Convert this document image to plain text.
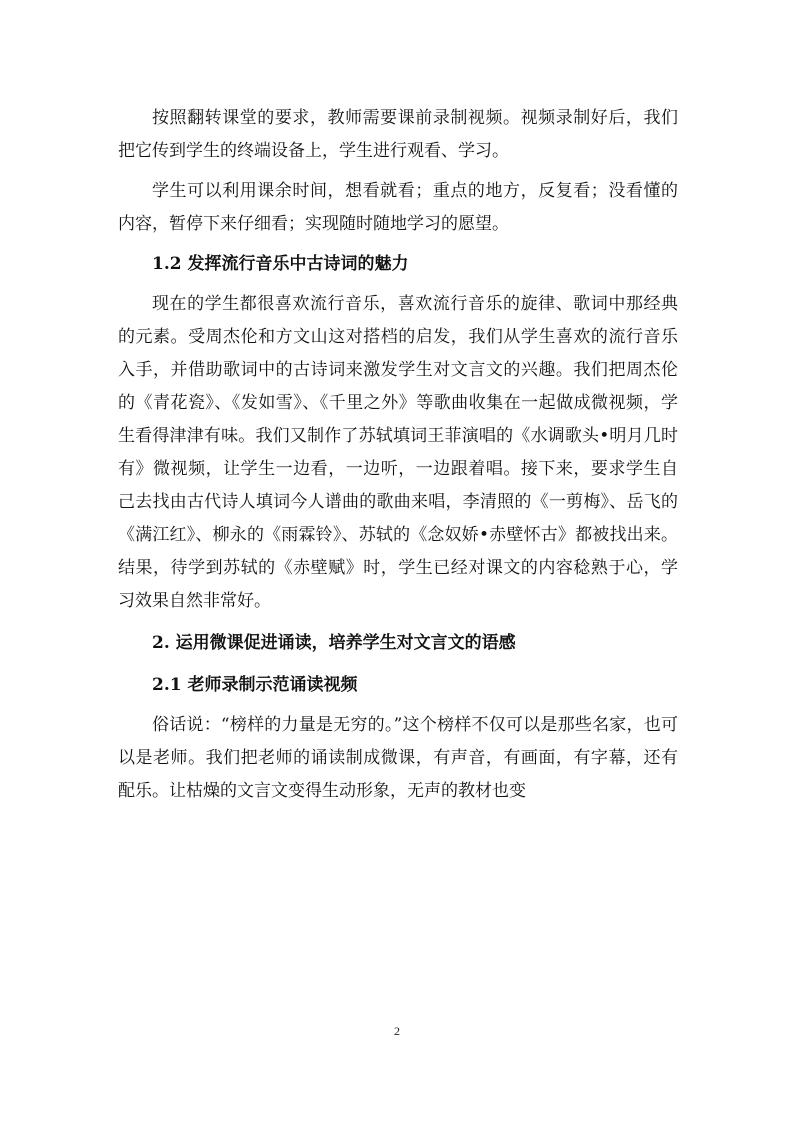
按照翻转课堂的要求，教师需要课前录制视频。视频录制好后，我们把它传到学生的终端设备上，学生进行观看、学习。

学生可以利用课余时间，想看就看；重点的地方，反复看；没看懂的内容，暂停下来仔细看；实现随时随地学习的愿望。

1.2 发挥流行音乐中古诗词的魅力

现在的学生都很喜欢流行音乐，喜欢流行音乐的旋律、歌词中那经典的元素。受周杰伦和方文山这对搭档的启发，我们从学生喜欢的流行音乐入手，并借助歌词中的古诗词来激发学生对文言文的兴趣。我们把周杰伦的《青花瓷》、《发如雪》、《千里之外》等歌曲收集在一起做成微视频，学生看得津津有味。我们又制作了苏轼填词王菲演唱的《水调歌头•明月几时有》微视频，让学生一边看，一边听，一边跟着唱。接下来，要求学生自己去找由古代诗人填词今人谱曲的歌曲来唱，李清照的《一剪梅》、岳飞的《满江红》、柳永的《雨霖铃》、苏轼的《念奴娇•赤壁怀古》都被找出来。结果，待学到苏轼的《赤壁赋》时，学生已经对课文的内容稔熟于心，学习效果自然非常好。

2. 运用微课促进诵读，培养学生对文言文的语感

2.1 老师录制示范诵读视频

俗话说：“榜样的力量是无穷的。”这个榜样不仅可以是那些名家，也可以是老师。我们把老师的诵读制成微课，有声音，有画面，有字幕，还有配乐。让枯燥的文言文变得生动形象，无声的教材也变

2
